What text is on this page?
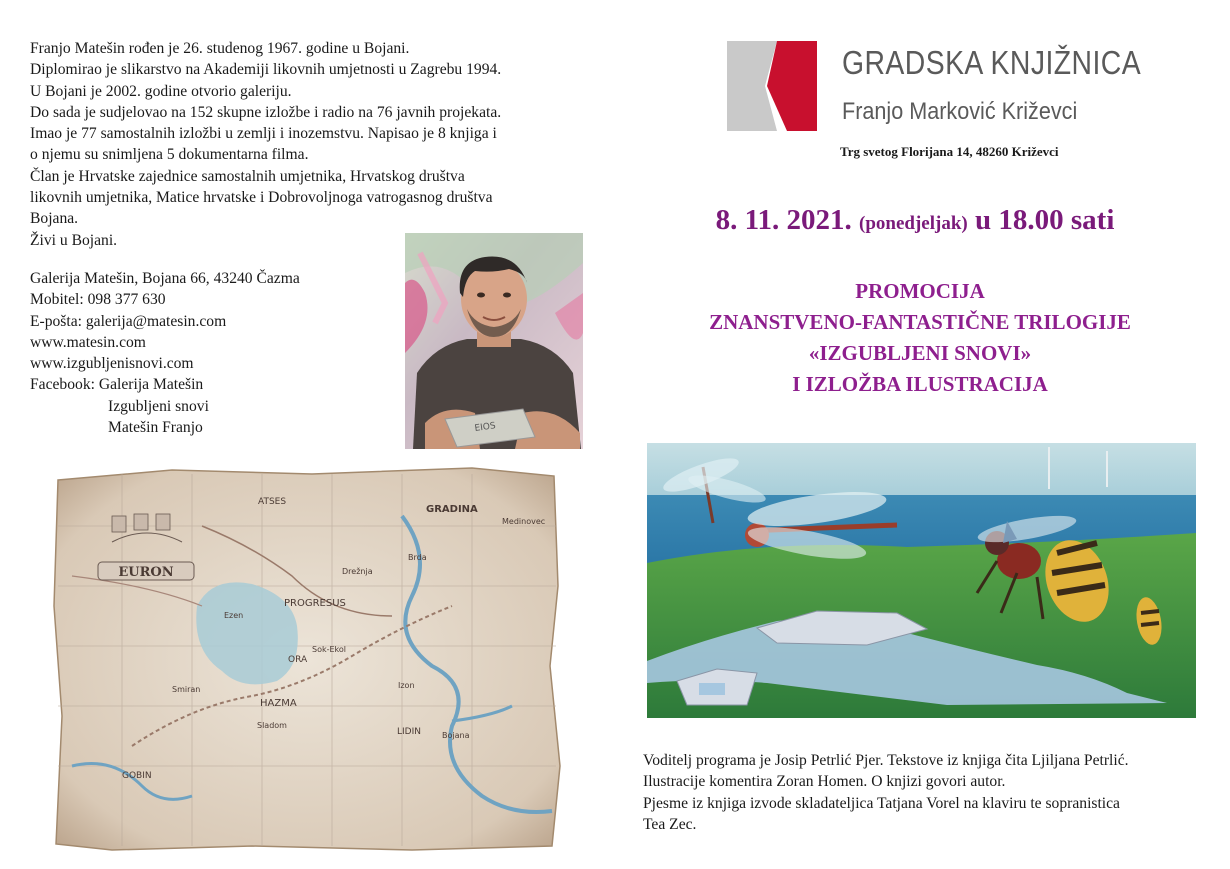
Franjo Matešin rođen je 26. studenog 1967. godine u Bojani.

Diplomirao je slikarstvo na Akademiji likovnih umjetnosti u Zagrebu 1994.

U Bojani je 2002. godine otvorio galeriju.

Do sada je sudjelovao na 152 skupne izložbe i radio na 76 javnih projekata.

Imao je 77 samostalnih izložbi u zemlji i inozemstvu. Napisao je 8 knjiga i

o njemu su snimljena 5 dokumentarna filma.

Član je Hrvatske zajednice samostalnih umjetnika, Hrvatskog društva

likovnih umjetnika, Matice hrvatske i Dobrovoljnoga vatrogasnog društva

Bojana.

Živi u Bojani.

Galerija Matešin, Bojana 66, 43240 Čazma

Mobitel: 098 377 630

E-pošta: galerija@matesin.com

www.matesin.com

www.izgubljenisnovi.com

Facebook: Galerija Matešin

Izgubljeni snovi

Matešin Franjo	EIOS
EURON
ATSES
GRADINA
PROGRESUS
ORA
HAZMA
LIDIN
GOBIN
Ezen
Drežnja
Brda
Medinovec
Sok-Ekol
Smiran
Sladom
Izon
Bojana
GRADSKA KNJIŽNICA
Franjo Marković Križevci
Trg svetog Florijana 14, 48260 Križevci
8. 11. 2021. (ponedjeljak) u 18.00 sati
PROMOCIJA
ZNANSTVENO-FANTASTIČNE TRILOGIJE
«IZGUBLJENI SNOVI»
I IZLOŽBA ILUSTRACIJA

Voditelj programa je Josip Petrlić Pjer. Tekstove iz knjiga čita Ljiljana Petrlić.

Ilustracije komentira Zoran Homen. O knjizi govori autor.

Pjesme iz knjiga izvode skladateljica Tatjana Vorel na klaviru te sopranistica

Tea Zec.
